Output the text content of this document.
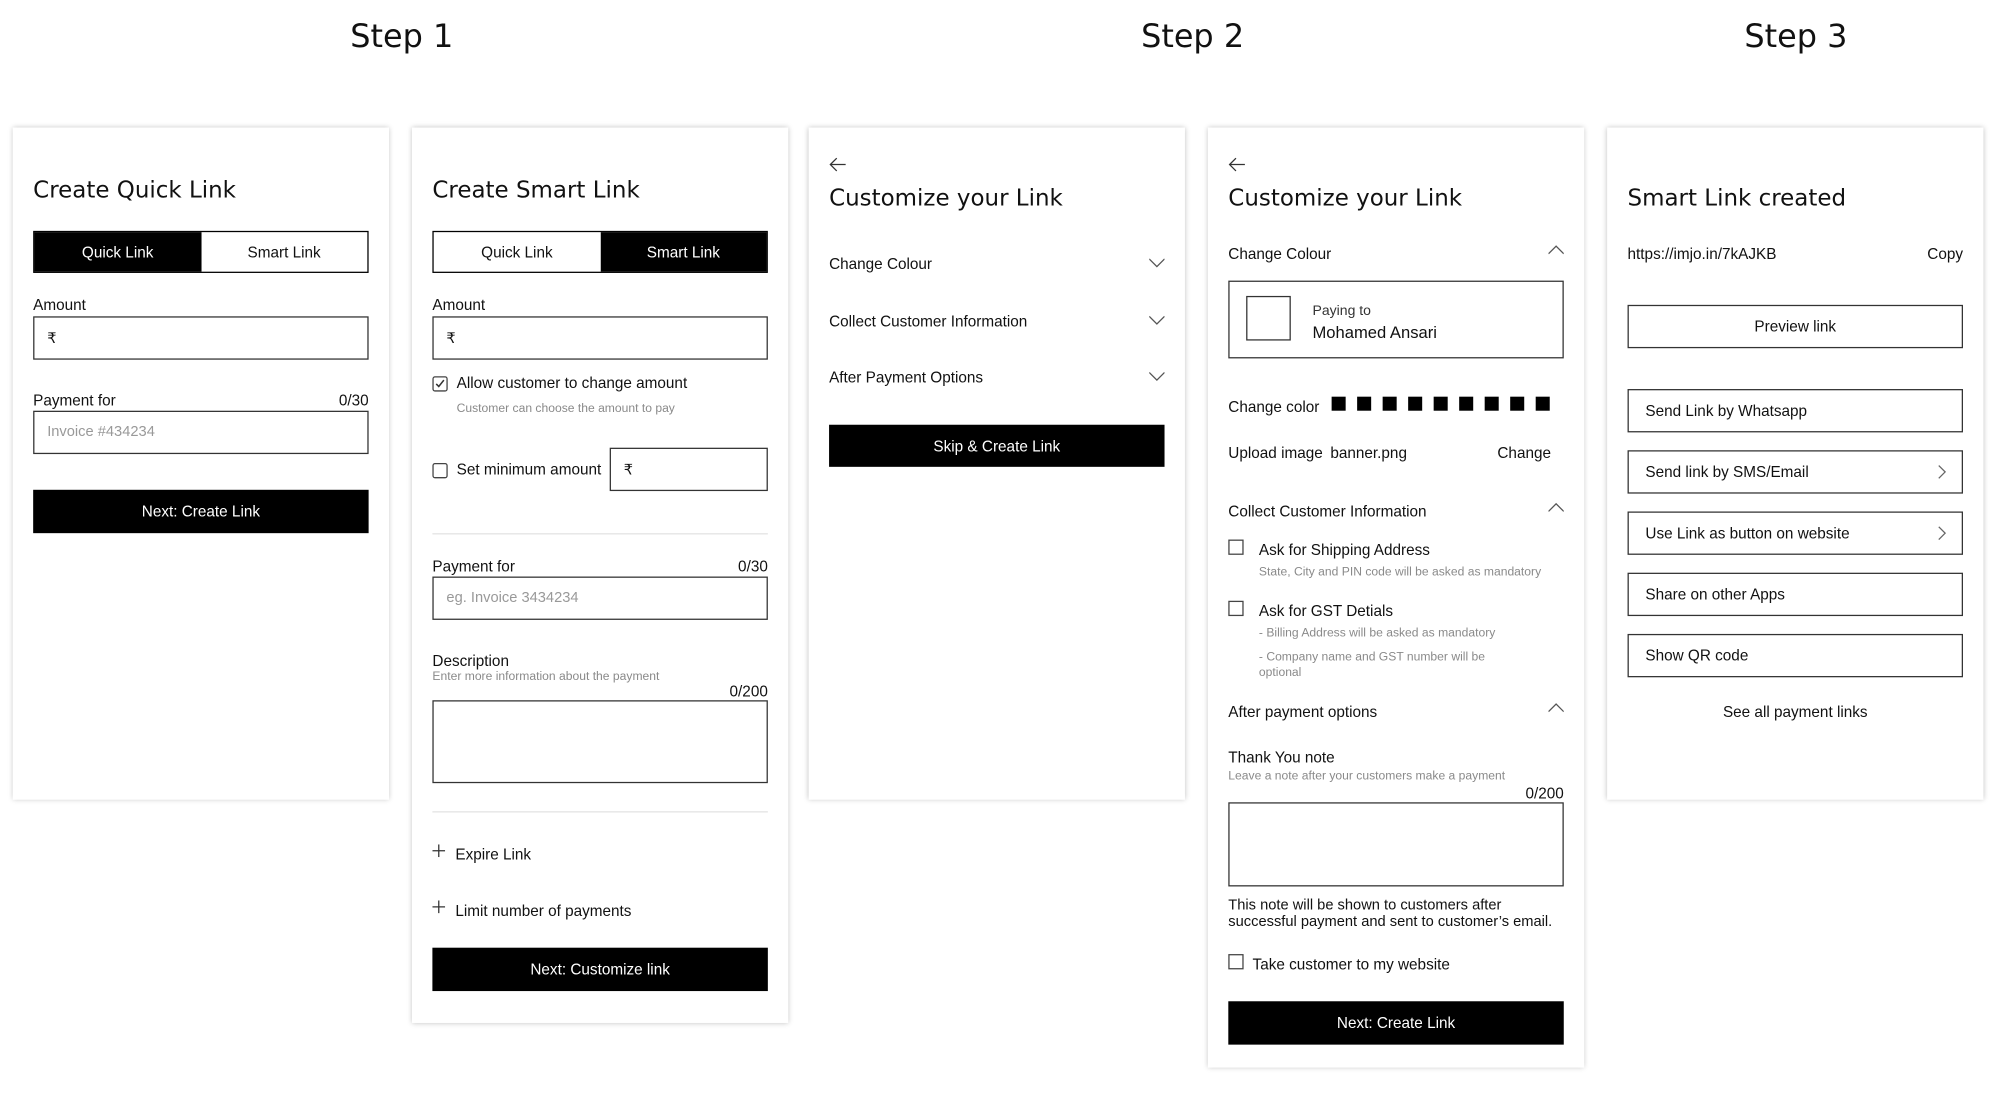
Step 1	Step 2	Step 3
Create Quick Link
Quick Link	Smart Link
Amount
₹
Payment for	0/30
Invoice #434234
Next: Create Link
Create Smart Link
Quick Link	Smart Link
Amount
₹
Allow customer to change amount
Customer can choose the amount to pay
Set minimum amount ₹
Payment for	0/30
eg. Invoice 3434234
Description
Enter more information about the payment
0/200
Expire Link
Limit number of payments
Next: Customize link
Customize your Link
Change Colour
Collect Customer Information
After Payment Options
Skip & Create Link
Customize your Link
Change Colour
Paying to
Mohamed Ansari
Change color
Upload image banner.png	Change
Collect Customer Information
Ask for Shipping Address
State, City and PIN code will be asked as mandatory
Ask for GST Detials
- Billing Address will be asked as mandatory
- Company name and GST number will be
optional
After payment options
Thank You note
Leave a note after your customers make a payment
0/200
This note will be shown to customers after
successful payment and sent to customer’s email.
Take customer to my website
Next: Create Link
Smart Link created
https://imjo.in/7kAJKB	Copy
Preview link
Send Link by Whatsapp
Send link by SMS/Email
Use Link as button on website
Share on other Apps
Show QR code
See all payment links
